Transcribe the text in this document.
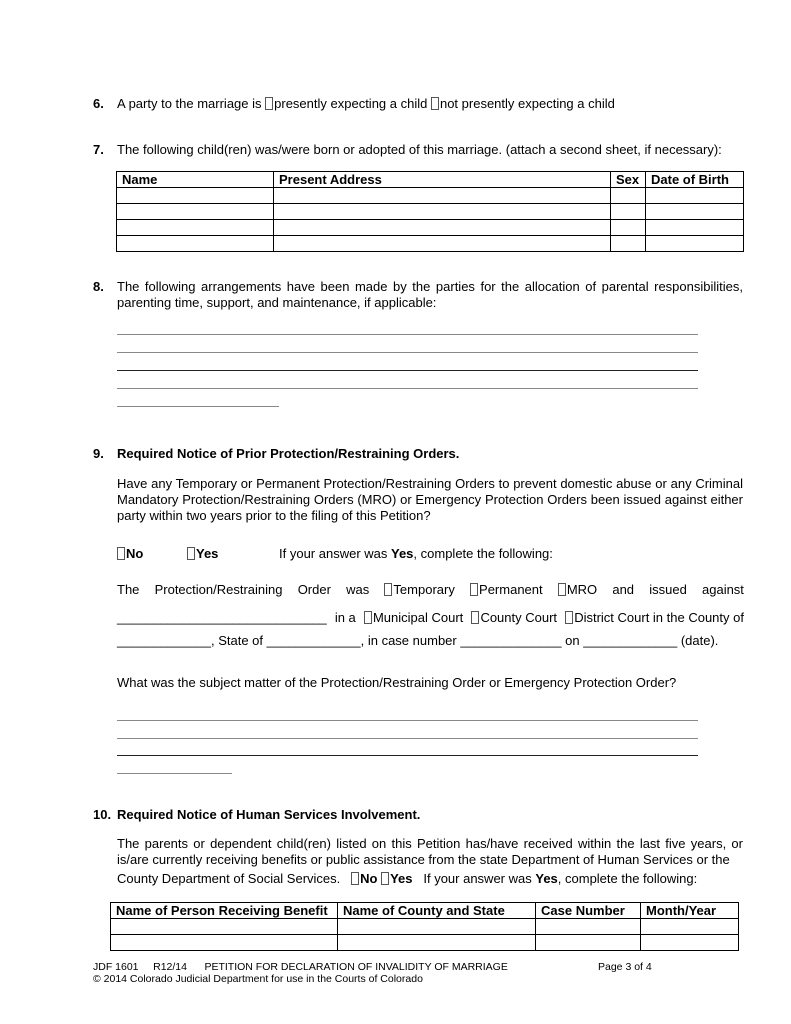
6. A party to the marriage is presently expecting a child not presently expecting a child
7. The following child(ren) was/were born or adopted of this marriage. (attach a second sheet, if necessary):
Name	Present Address	Sex	Date of Birth

8. The following arrangements have been made by the parties for the allocation of parental responsibilities, parenting time, support, and maintenance, if applicable:
9. Required Notice of Prior Protection/Restraining Orders.
Have any Temporary or Permanent Protection/Restraining Orders to prevent domestic abuse or any Criminal Mandatory Protection/Restraining Orders (MRO) or Emergency Protection Orders been issued against either party within two years prior to the filing of this Petition?
No	Yes	If your answer was Yes, complete the following:
The Protection/Restraining Order was	Temporary	Permanent	MRO and issued against
_____________________________ in a	Municipal Court	County Court	District Court in the County of
_____________, State of _____________, in case number ______________ on _____________ (date).
What was the subject matter of the Protection/Restraining Order or Emergency Protection Order?
10. Required Notice of Human Services Involvement.
The parents or dependent child(ren) listed on this Petition has/have received within the last five years, or is/are currently receiving benefits or public assistance from the state Department of Human Services or the
County Department of Social Services. No Yes If your answer was Yes, complete the following:
Name of Person Receiving Benefit	Name of County and State	Case Number	Month/Year

JDF 1601     R12/14      PETITION FOR DECLARATION OF INVALIDITY OF MARRIAGE	Page 3 of 4
© 2014 Colorado Judicial Department for use in the Courts of Colorado
